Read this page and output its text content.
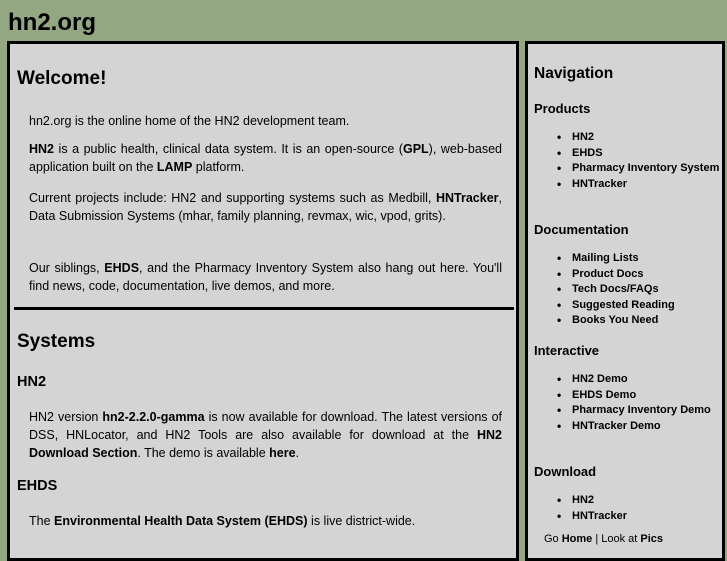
hn2.org
Welcome!

hn2.org is the online home of the HN2 development team.

HN2 is a public health, clinical data system. It is an open-source (GPL), web-based application built on the LAMP platform.

Current projects include: HN2 and supporting systems such as Medbill, HNTracker, Data Submission Systems (mhar, family planning, revmax, wic, vpod, grits).

Our siblings, EHDS, and the Pharmacy Inventory System also hang out here. You'll find news, code, documentation, live demos, and more.

Systems
HN2

HN2 version hn2-2.2.0-gamma is now available for download. The latest versions of DSS, HNLocator, and HN2 Tools are also available for download at the HN2 Download Section. The demo is available here.

EHDS

The Environmental Health Data System (EHDS) is live district-wide.

Navigation
Products
• HN2
• EHDS
• Pharmacy Inventory System
• HNTracker
Documentation
• Mailing Lists
• Product Docs
• Tech Docs/FAQs
• Suggested Reading
• Books You Need
Interactive
• HN2 Demo
• EHDS Demo
• Pharmacy Inventory Demo
• HNTracker Demo
Download
• HN2
• HNTracker
Go Home | Look at Pics
